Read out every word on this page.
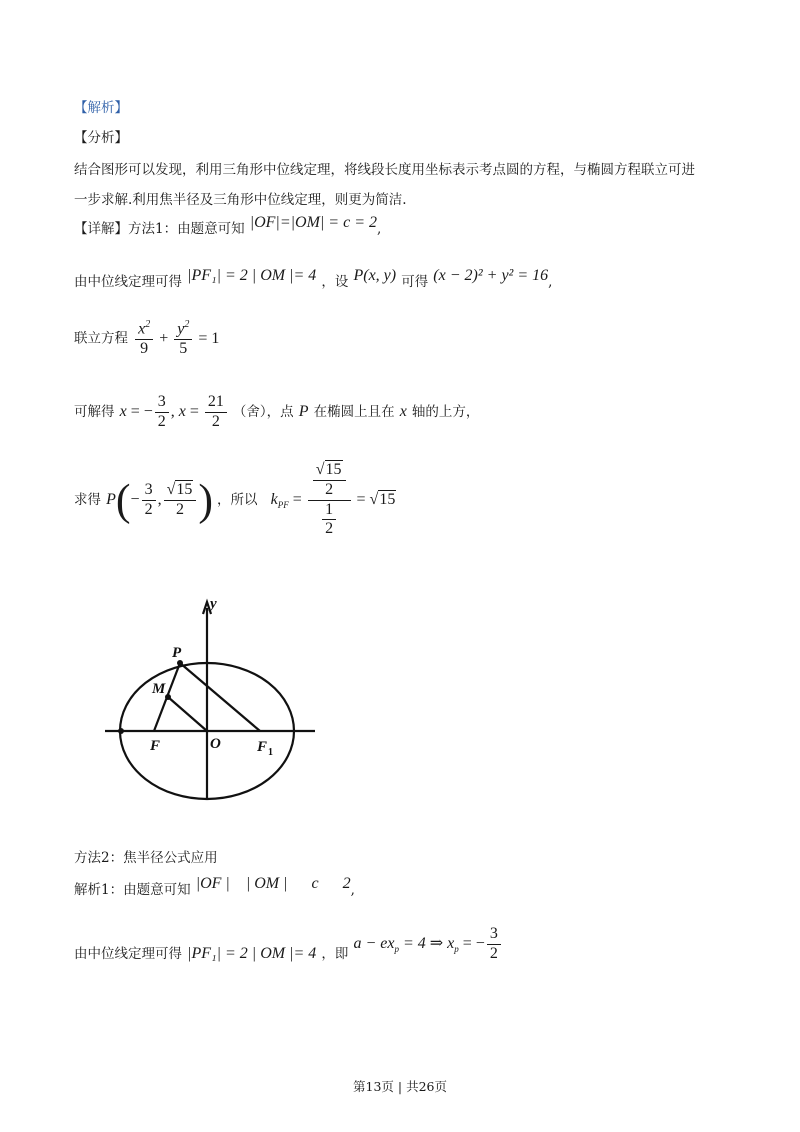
【解析】
【分析】
结合图形可以发现，利用三角形中位线定理，将线段长度用坐标表示考点圆的方程，与椭圆方程联立可进
一步求解.利用焦半径及三角形中位线定理，则更为简洁.
【详解】方法1：由题意可知 |OF|=|OM| = c = 2,
由中位线定理可得 |PF₁| = 2 | OM |= 4 ，设 P(x, y) 可得 (x − 2)² + y² = 16,
联立方程 $\frac{x^2}{9} + \frac{y^2}{5} = 1$
可解得 x = − $\frac{3}{2}$ , $x = \frac{21}{2}$ （舍），点 P 在椭圆上且在 x 轴的上方，
求得 $P(- \frac{3}{2}$ , $\frac{√15}{2}$ ) ，所以 $k_{PF} = \frac{\frac{√15}{2}}{\frac{1}{2}} = √15$
y
P
M
F	O F 1
方法2：焦半径公式应用
解析1：由题意可知 |OF |    | OM |      c      2,
由中位线定理可得 |PF₁| = 2 | OM |= 4 ，即 $a - ex_p = 4$ ⇒ $x_p$ = − $\frac{3}{2}$
第13页 | 共26页
